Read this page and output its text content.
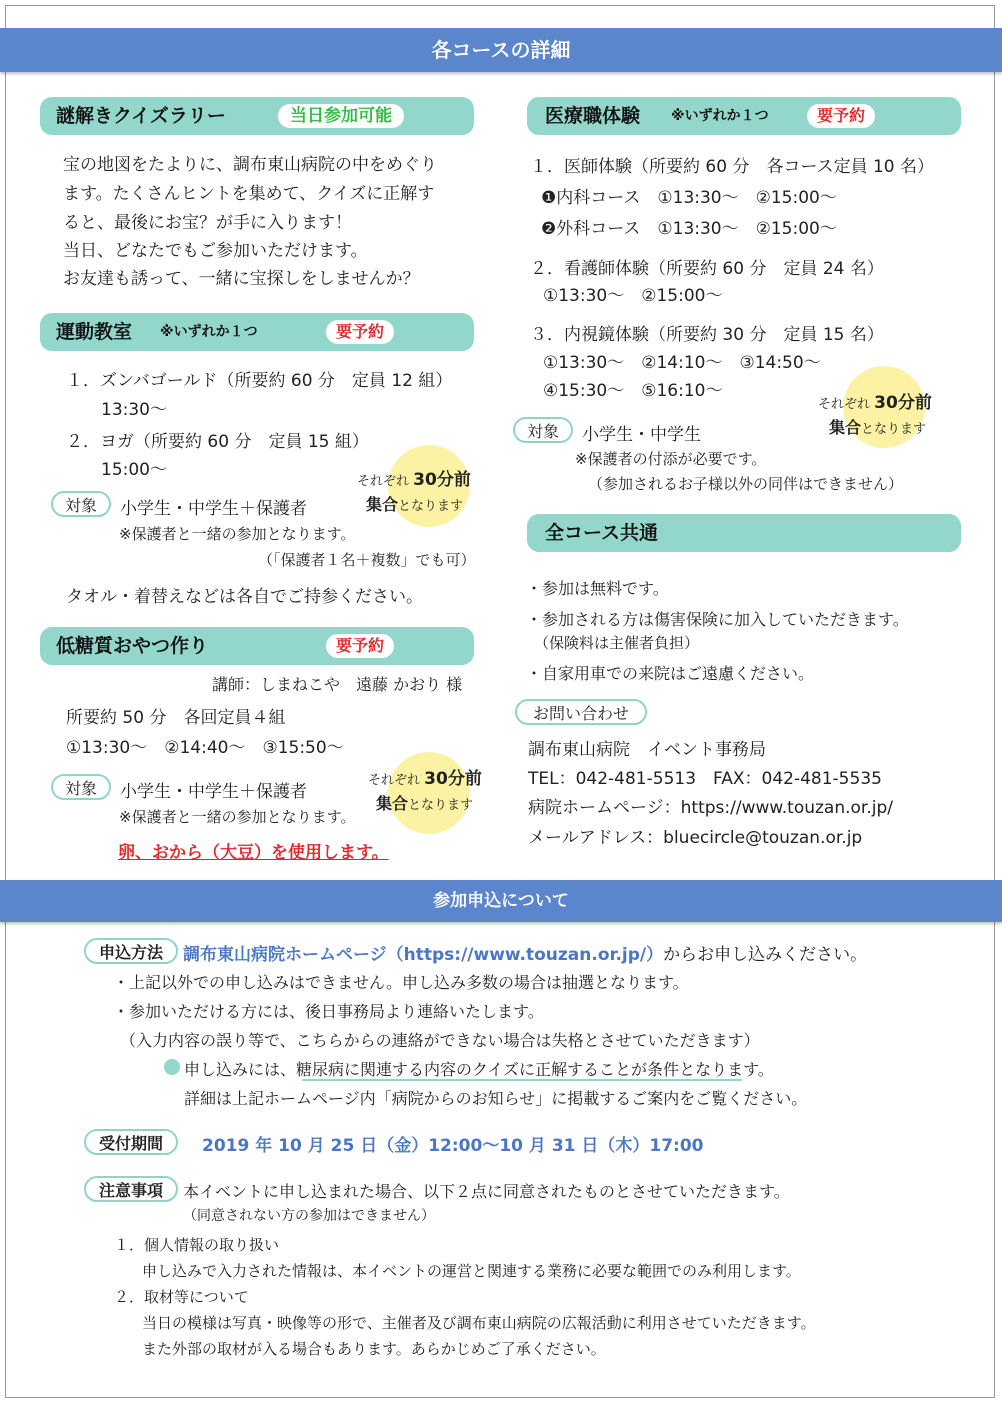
各コースの詳細
謎解きクイズラリー	当日参加可能
宝の地図をたよりに、調布東山病院の中をめぐり
ます。たくさんヒントを集めて、クイズに正解す
ると、最後にお宝？が手に入ります！
当日、どなたでもご参加いただけます。
お友達も誘って、一緒に宝探しをしませんか？
運動教室 ※いずれか１つ	要予約
１．ズンバゴールド（所要約 60 分　定員 12 組）
13:30～
２．ヨガ（所要約 60 分　定員 15 組）
15:00～
それぞれ 30分前
集合となります
対象	小学生・中学生＋保護者
※保護者と一緒の参加となります。
（「保護者１名＋複数」でも可）
タオル・着替えなどは各自でご持参ください。
低糖質おやつ作り	要予約
講師：しまねこや　遠藤 かおり 様
所要約 50 分　各回定員４組
①13:30～　②14:40～　③15:50～
それぞれ 30分前
集合となります
対象	小学生・中学生＋保護者
※保護者と一緒の参加となります。
卵、おから（大豆）を使用します。
医療職体験 ※いずれか１つ	要予約
１．医師体験（所要約 60 分　各コース定員 10 名）
❶内科コース　①13:30～　②15:00～
❷外科コース　①13:30～　②15:00～
２．看護師体験（所要約 60 分　定員 24 名）
①13:30～　②15:00～
３．内視鏡体験（所要約 30 分　定員 15 名）
①13:30～　②14:10～　③14:50～
④15:30～　⑤16:10～
それぞれ 30分前
集合となります
対象	小学生・中学生
※保護者の付添が必要です。
（参加されるお子様以外の同伴はできません）
全コース共通
・参加は無料です。
・参加される方は傷害保険に加入していただきます。
（保険料は主催者負担）
・自家用車での来院はご遠慮ください。
お問い合わせ
調布東山病院　イベント事務局
TEL：042-481-5513　FAX：042-481-5535
病院ホームページ：https://www.touzan.or.jp/
メールアドレス：bluecircle@touzan.or.jp
参加申込について
申込方法	調布東山病院ホームページ（https://www.touzan.or.jp/）からお申し込みください。
・上記以外での申し込みはできません。申し込み多数の場合は抽選となります。
・参加いただける方には、後日事務局より連絡いたします。
（入力内容の誤り等で、こちらからの連絡ができない場合は失格とさせていただきます）
申し込みには、糖尿病に関連する内容のクイズに正解することが条件となります。
詳細は上記ホームページ内「病院からのお知らせ」に掲載するご案内をご覧ください。
受付期間	2019 年 10 月 25 日（金）12:00～10 月 31 日（木）17:00
注意事項	本イベントに申し込まれた場合、以下２点に同意されたものとさせていただきます。
（同意されない方の参加はできません）
１．個人情報の取り扱い
申し込みで入力された情報は、本イベントの運営と関連する業務に必要な範囲でのみ利用します。
２．取材等について
当日の模様は写真・映像等の形で、主催者及び調布東山病院の広報活動に利用させていただきます。
また外部の取材が入る場合もあります。あらかじめご了承ください。
